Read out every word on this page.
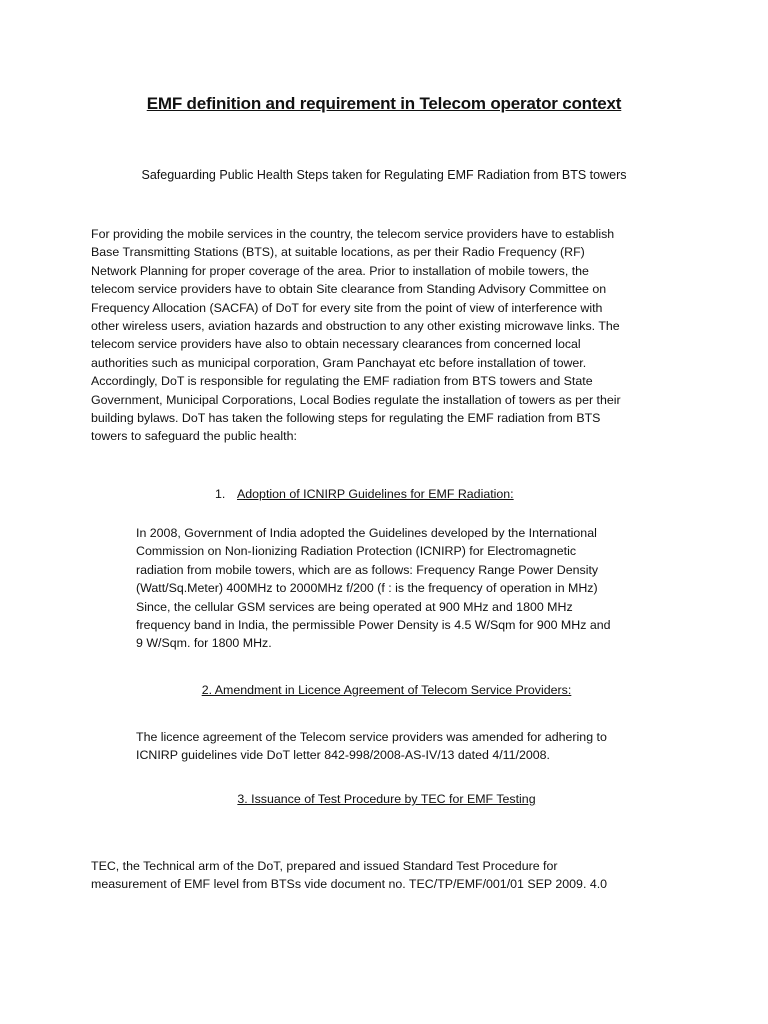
EMF definition and requirement in Telecom operator context
Safeguarding Public Health Steps taken for Regulating EMF Radiation from BTS towers

For providing the mobile services in the country, the telecom service providers have to establish Base Transmitting Stations (BTS), at suitable locations, as per their Radio Frequency (RF) Network Planning for proper coverage of the area. Prior to installation of mobile towers, the telecom service providers have to obtain Site clearance from Standing Advisory Committee on Frequency Allocation (SACFA) of DoT for every site from the point of view of interference with other wireless users, aviation hazards and obstruction to any other existing microwave links. The telecom service providers have also to obtain necessary clearances from concerned local authorities such as municipal corporation, Gram Panchayat etc before installation of tower. Accordingly, DoT is responsible for regulating the EMF radiation from BTS towers and State Government, Municipal Corporations, Local Bodies regulate the installation of towers as per their building bylaws. DoT has taken the following steps for regulating the EMF radiation from BTS towers to safeguard the public health:

1. Adoption of ICNIRP Guidelines for EMF Radiation:

In 2008, Government of India adopted the Guidelines developed by the International Commission on Non-Iionizing Radiation Protection (ICNIRP) for Electromagnetic radiation from mobile towers, which are as follows: Frequency Range Power Density (Watt/Sq.Meter) 400MHz to 2000MHz f/200 (f : is the frequency of operation in MHz) Since, the cellular GSM services are being operated at 900 MHz and 1800 MHz frequency band in India, the permissible Power Density is 4.5 W/Sqm for 900 MHz and 9 W/Sqm. for 1800 MHz.

2. Amendment in Licence Agreement of Telecom Service Providers:

The licence agreement of the Telecom service providers was amended for adhering to ICNIRP guidelines vide DoT letter 842-998/2008-AS-IV/13 dated 4/11/2008.

3. Issuance of Test Procedure by TEC for EMF Testing

TEC, the Technical arm of the DoT, prepared and issued Standard Test Procedure for measurement of EMF level from BTSs vide document no. TEC/TP/EMF/001/01 SEP 2009. 4.0
